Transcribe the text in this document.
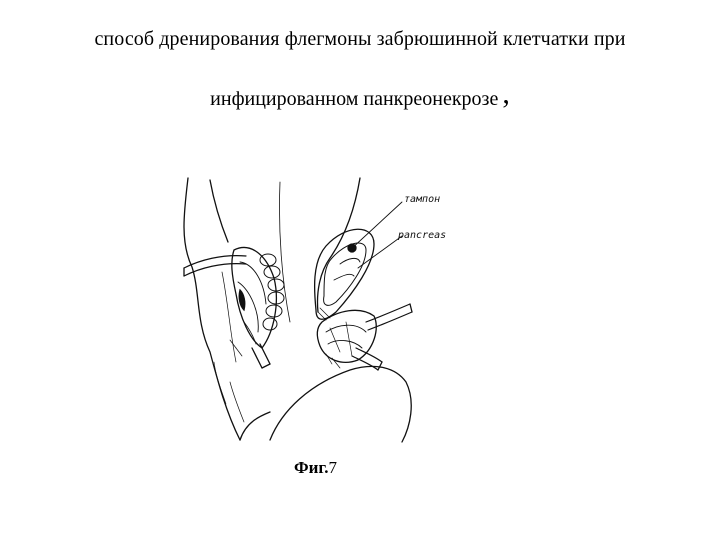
способ дренирования флегмоны забрюшинной клетчатки при
инфицированном панкреонекрозе ,
тампон
pancreas
Фиг.7
